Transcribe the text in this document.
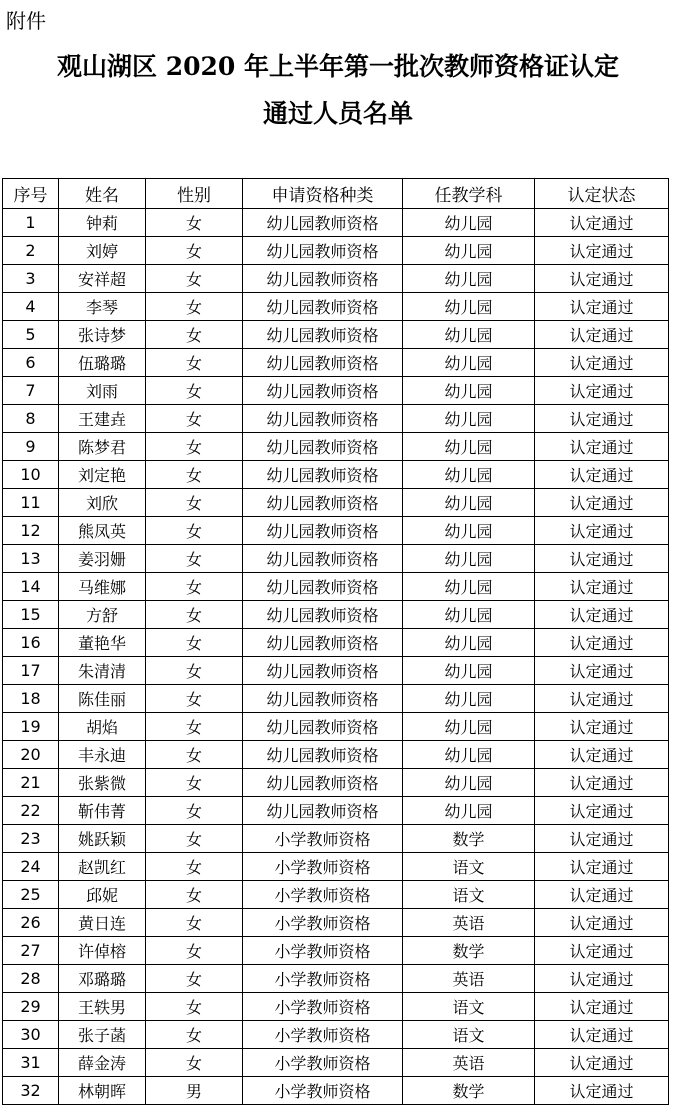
附件
观山湖区 2020 年上半年第一批次教师资格证认定
通过人员名单
序号	姓名	性别	申请资格种类	任教学科	认定状态
1	钟莉	女	幼儿园教师资格	幼儿园	认定通过
2	刘婷	女	幼儿园教师资格	幼儿园	认定通过
3	安祥超	女	幼儿园教师资格	幼儿园	认定通过
4	李琴	女	幼儿园教师资格	幼儿园	认定通过
5	张诗梦	女	幼儿园教师资格	幼儿园	认定通过
6	伍璐璐	女	幼儿园教师资格	幼儿园	认定通过
7	刘雨	女	幼儿园教师资格	幼儿园	认定通过
8	王建垚	女	幼儿园教师资格	幼儿园	认定通过
9	陈梦君	女	幼儿园教师资格	幼儿园	认定通过
10	刘定艳	女	幼儿园教师资格	幼儿园	认定通过
11	刘欣	女	幼儿园教师资格	幼儿园	认定通过
12	熊凤英	女	幼儿园教师资格	幼儿园	认定通过
13	姜羽姗	女	幼儿园教师资格	幼儿园	认定通过
14	马维娜	女	幼儿园教师资格	幼儿园	认定通过
15	方舒	女	幼儿园教师资格	幼儿园	认定通过
16	董艳华	女	幼儿园教师资格	幼儿园	认定通过
17	朱清清	女	幼儿园教师资格	幼儿园	认定通过
18	陈佳丽	女	幼儿园教师资格	幼儿园	认定通过
19	胡焰	女	幼儿园教师资格	幼儿园	认定通过
20	丰永迪	女	幼儿园教师资格	幼儿园	认定通过
21	张紫微	女	幼儿园教师资格	幼儿园	认定通过
22	靳伟菁	女	幼儿园教师资格	幼儿园	认定通过
23	姚跃颖	女	小学教师资格	数学	认定通过
24	赵凯红	女	小学教师资格	语文	认定通过
25	邱妮	女	小学教师资格	语文	认定通过
26	黄日连	女	小学教师资格	英语	认定通过
27	许倬榕	女	小学教师资格	数学	认定通过
28	邓璐璐	女	小学教师资格	英语	认定通过
29	王轶男	女	小学教师资格	语文	认定通过
30	张子菡	女	小学教师资格	语文	认定通过
31	薛金涛	女	小学教师资格	英语	认定通过
32	林朝晖	男	小学教师资格	数学	认定通过
